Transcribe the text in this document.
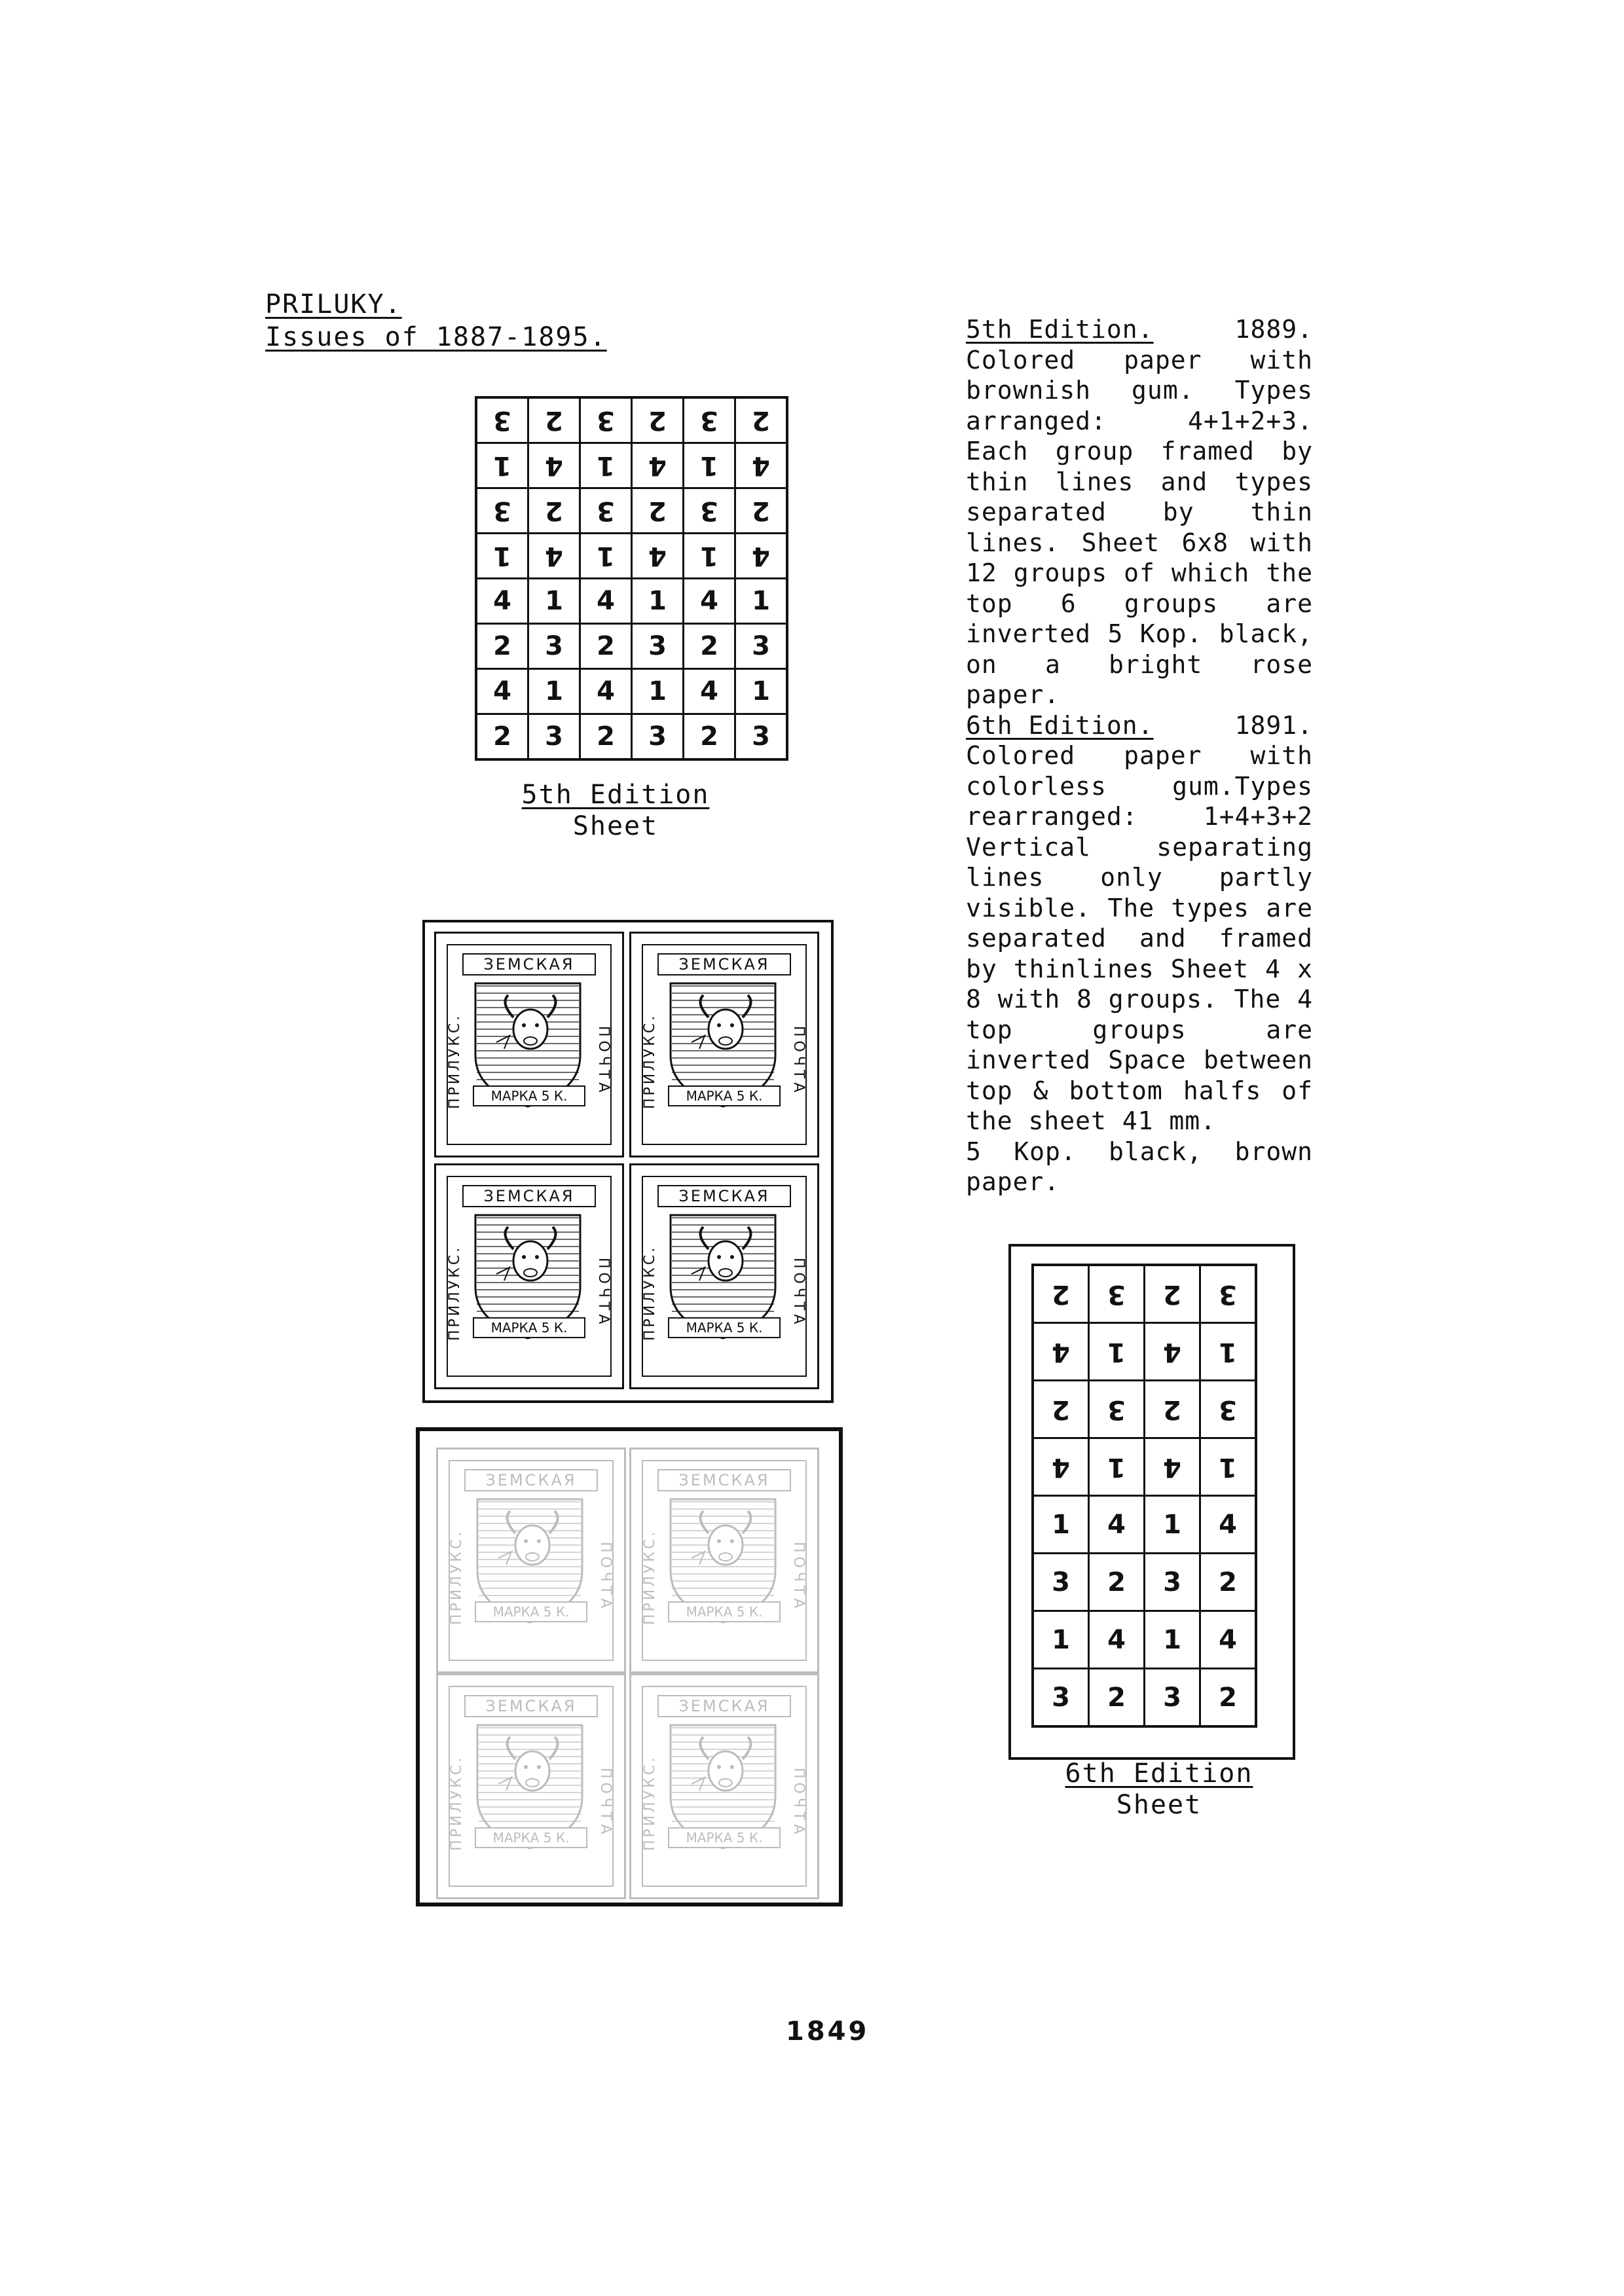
PRILUKY.
Issues of 1887-1895.
3	2	3	2	3	2
1	4	1	4	1	4
3	2	3	2	3	2
1	4	1	4	1	4
4	1	4	1	4	1
2	3	2	3	2	3
4	1	4	1	4	1
2	3	2	3	2	3
5th Edition
Sheet
ЗЕМСКАЯ
ПРИЛУКС.	ПОЧТА
МАРКА 5 К.
ЗЕМСКАЯ
ПРИЛУКС.	ПОЧТА
МАРКА 5 К.
ЗЕМСКАЯ
ПРИЛУКС.	ПОЧТА
МАРКА 5 К.
ЗЕМСКАЯ
ПРИЛУКС.	ПОЧТА
МАРКА 5 К.
ЗЕМСКАЯ
ПРИЛУКС.	ПОЧТА
МАРКА 5 К.
ЗЕМСКАЯ
ПРИЛУКС.	ПОЧТА
МАРКА 5 К.
ЗЕМСКАЯ
ПРИЛУКС.	ПОЧТА
МАРКА 5 К.
ЗЕМСКАЯ
ПРИЛУКС.	ПОЧТА
МАРКА 5 К.
5th Edition.	1889.

Colored paper with brownish gum. Types arranged: 4+1+2+3. Each group framed by thin lines and types separated by thin lines. Sheet 6x8 with 12 groups of which the top 6 groups are inverted 5 Kop. black, on a bright rose paper.

6th Edition.	1891.

Colored paper with colorless gum.Types rearranged: 1+4+3+2 Vertical separating lines only partly visible. The types are separated and framed by thinlines Sheet 4 x 8 with 8 groups. The 4 top groups are inverted Space between top & bottom halfs of the sheet 41 mm.

5 Kop. black, brown paper.

2	3	2	3
4	1	4	1
2	3	2	3
4	1	4	1
1	4	1	4
3	2	3	2
1	4	1	4
3	2	3	2
6th Edition
Sheet
1849
